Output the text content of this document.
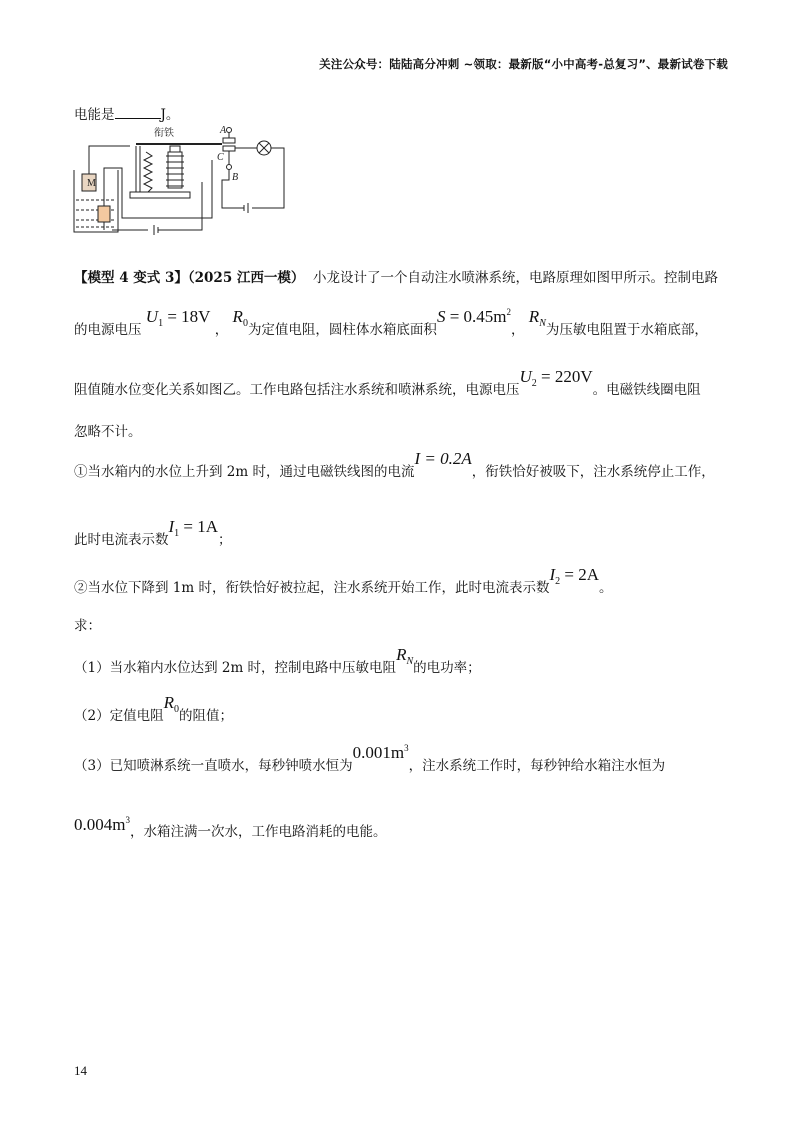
关注公众号：陆陆高分冲刺 ~领取：最新版“小中高考-总复习”、最新试卷下载
电能是	J。
M
A
B
C
衔铁
【模型 4 变式 3】（2025 江西一模） 小龙设计了一个自动注水喷淋系统，电路原理如图甲所示。控制电路
的电源电压 $U_1 = 18V$ ， $R_0$为定值电阻，圆柱体水箱底面积$S = 0.45m^2$， $R_N$为压敏电阻置于水箱底部，
阻值随水位变化关系如图乙。工作电路包括注水系统和喷淋系统，电源电压$U_2 = 220V$。电磁铁线圈电阻
忽略不计。
①当水箱内的水位上升到 2m 时，通过电磁铁线图的电流I = 0.2A，衔铁恰好被吸下，注水系统停止工作，
此时电流表示数$I_1 = 1A$；
②当水位下降到 1m 时，衔铁恰好被拉起，注水系统开始工作，此时电流表示数$I_2 = 2A$。
求：
（1）当水箱内水位达到 2m 时，控制电路中压敏电阻$R_N$的电功率；
（2）定值电阻$R_0$的阻值；
（3）已知喷淋系统一直喷水，每秒钟喷水恒为$0.001m^3$，注水系统工作时，每秒钟给水箱注水恒为
$0.004m^3$，水箱注满一次水，工作电路消耗的电能。
14
